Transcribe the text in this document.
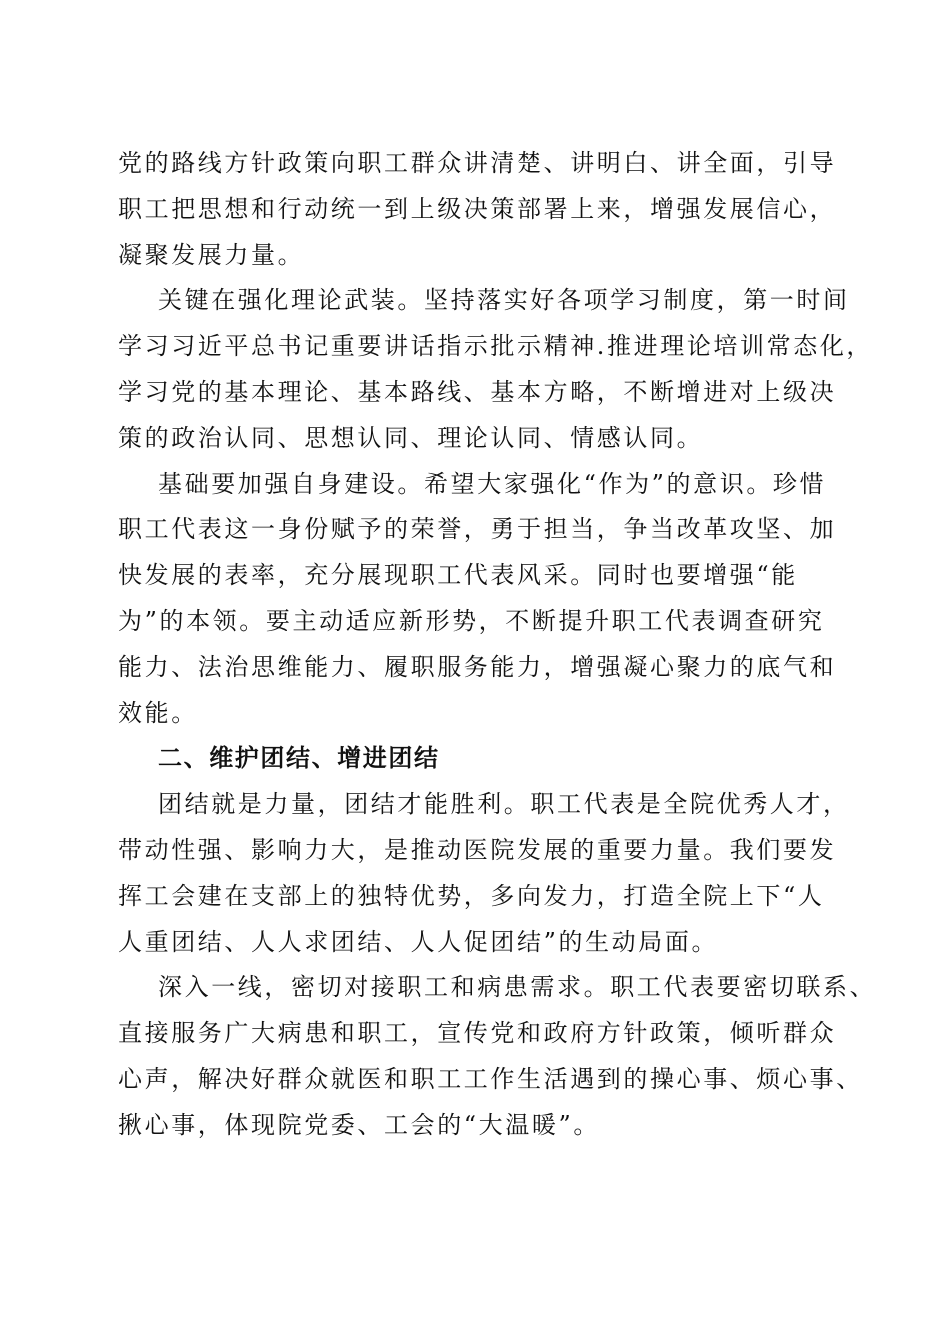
党的路线方针政策向职工群众讲清楚、讲明白、讲全面，引导
职工把思想和行动统一到上级决策部署上来，增强发展信心，
凝聚发展力量。
关键在强化理论武装。坚持落实好各项学习制度，第一时间
学习习近平总书记重要讲话指示批示精神.推进理论培训常态化，
学习党的基本理论、基本路线、基本方略，不断增进对上级决
策的政治认同、思想认同、理论认同、情感认同。
基础要加强自身建设。希望大家强化“作为”的意识。珍惜
职工代表这一身份赋予的荣誉，勇于担当，争当改革攻坚、加
快发展的表率，充分展现职工代表风采。同时也要增强“能
为”的本领。要主动适应新形势，不断提升职工代表调查研究
能力、法治思维能力、履职服务能力，增强凝心聚力的底气和
效能。
二、维护团结、增进团结
团结就是力量，团结才能胜利。职工代表是全院优秀人才，
带动性强、影响力大，是推动医院发展的重要力量。我们要发
挥工会建在支部上的独特优势，多向发力，打造全院上下“人
人重团结、人人求团结、人人促团结”的生动局面。
深入一线，密切对接职工和病患需求。职工代表要密切联系、
直接服务广大病患和职工，宣传党和政府方针政策，倾听群众
心声，解决好群众就医和职工工作生活遇到的操心事、烦心事、
揪心事，体现院党委、工会的“大温暖”。
